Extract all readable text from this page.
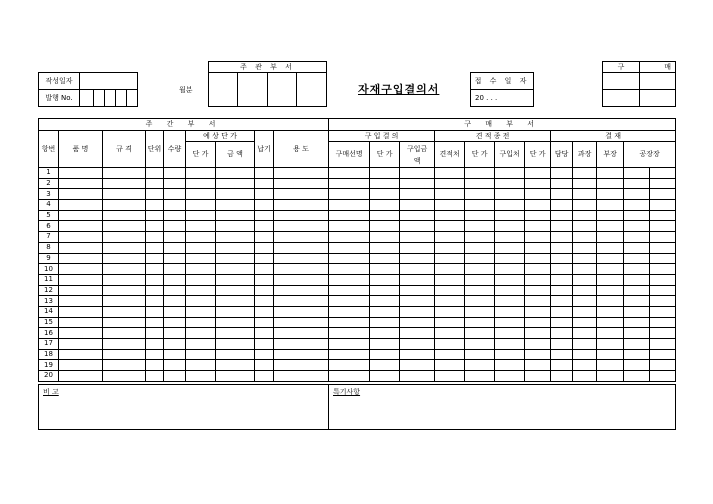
작성일자					
발행 No.					
월분
주 관 부 서

자재구입결의서
접 수 일 자
20 . . .
구	매

주 간 부 서									구 매 부 서											
항번	품 명	규 격	단위	수량	예 상 단 가		납기	용 도	구 입 결 의			견 적 종 전				결 재				
					단 가	금 액			구매선명	단 가	구입금액	견적처	단 가	구입처	단 가	담당	과장	부장	공장장	
1																				
2																				
3																				
4																				
5																				
6																				
7																				
8																				
9																				
10																				
11																				
12																				
13																				
14																				
15																				
16																				
17																				
18																				
19																				
20																				
비 고	특기사항
